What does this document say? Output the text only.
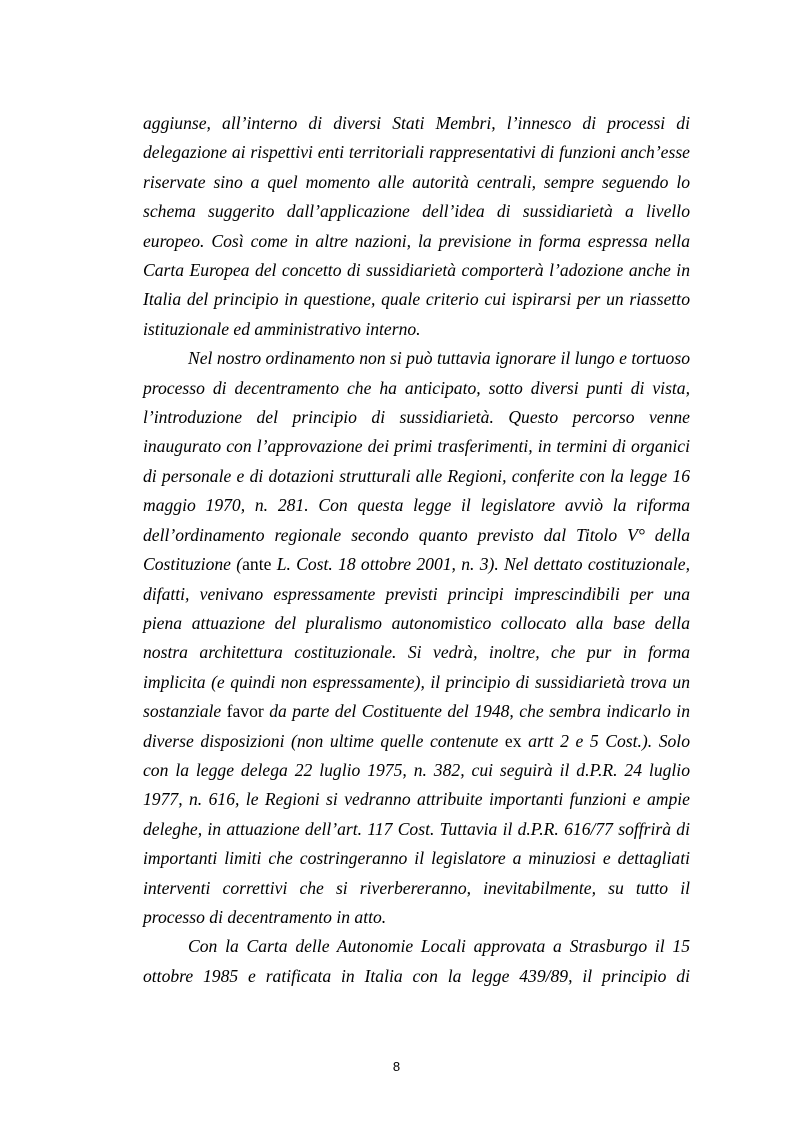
aggiunse, all’interno di diversi Stati Membri, l’innesco di processi di delegazione ai rispettivi enti territoriali rappresentativi di funzioni anch’esse riservate sino a quel momento alle autorità centrali, sempre seguendo lo schema suggerito dall’applicazione dell’idea di sussidiarietà a livello europeo. Così come in altre nazioni, la previsione in forma espressa nella Carta Europea del concetto di sussidiarietà comporterà l’adozione anche in Italia del principio in questione, quale criterio cui ispirarsi per un riassetto istituzionale ed amministrativo interno.

Nel nostro ordinamento non si può tuttavia ignorare il lungo e tortuoso processo di decentramento che ha anticipato, sotto diversi punti di vista, l’introduzione del principio di sussidiarietà. Questo percorso venne inaugurato con l’approvazione dei primi trasferimenti, in termini di organici di personale e di dotazioni strutturali alle Regioni, conferite con la legge 16 maggio 1970, n. 281. Con questa legge il legislatore avviò la riforma dell’ordinamento regionale secondo quanto previsto dal Titolo V° della Costituzione (ante L. Cost. 18 ottobre 2001, n. 3). Nel dettato costituzionale, difatti, venivano espressamente previsti principi imprescindibili per una piena attuazione del pluralismo autonomistico collocato alla base della nostra architettura costituzionale. Si vedrà, inoltre, che pur in forma implicita (e quindi non espressamente), il principio di sussidiarietà trova un sostanziale favor da parte del Costituente del 1948, che sembra indicarlo in diverse disposizioni (non ultime quelle contenute ex artt 2 e 5 Cost.). Solo con la legge delega 22 luglio 1975, n. 382, cui seguirà il d.P.R. 24 luglio 1977, n. 616, le Regioni si vedranno attribuite importanti funzioni e ampie deleghe, in attuazione dell’art. 117 Cost. Tuttavia il d.P.R. 616/77 soffrirà di importanti limiti che costringeranno il legislatore a minuziosi e dettagliati interventi correttivi che si riverbereranno, inevitabilmente, su tutto il processo di decentramento in atto.

Con la Carta delle Autonomie Locali approvata a Strasburgo il 15 ottobre 1985 e ratificata in Italia con la legge 439/89, il principio di

8
